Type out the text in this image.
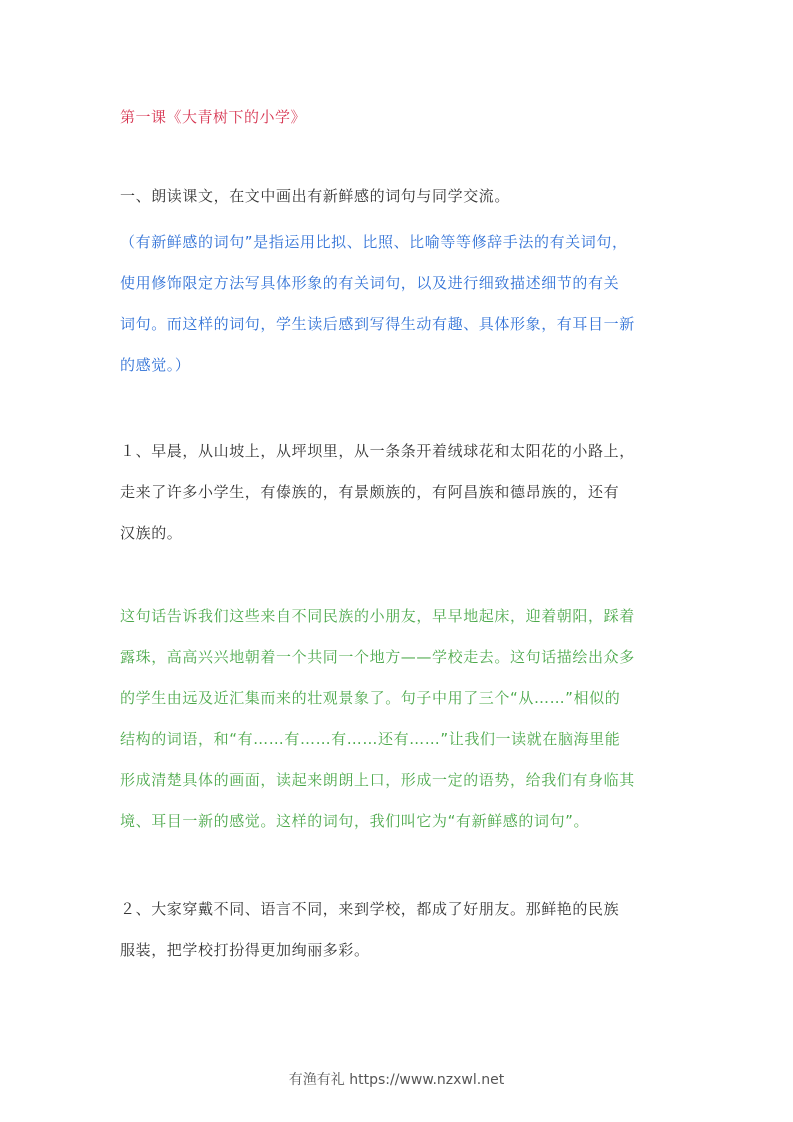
第一课《大青树下的小学》
一、朗读课文，在文中画出有新鲜感的词句与同学交流。
（有新鲜感的词句”是指运用比拟、比照、比喻等等修辞手法的有关词句，
使用修饰限定方法写具体形象的有关词句，以及进行细致描述细节的有关
词句。而这样的词句，学生读后感到写得生动有趣、具体形象，有耳目一新
的感觉。）
１、早晨，从山坡上，从坪坝里，从一条条开着绒球花和太阳花的小路上，
走来了许多小学生，有傣族的，有景颇族的，有阿昌族和德昂族的，还有
汉族的。
这句话告诉我们这些来自不同民族的小朋友，早早地起床，迎着朝阳，踩着
露珠，高高兴兴地朝着一个共同一个地方——学校走去。这句话描绘出众多
的学生由远及近汇集而来的壮观景象了。句子中用了三个“从……”相似的
结构的词语，和“有……有……有……还有……”让我们一读就在脑海里能
形成清楚具体的画面，读起来朗朗上口，形成一定的语势，给我们有身临其
境、耳目一新的感觉。这样的词句，我们叫它为“有新鲜感的词句”。
２、大家穿戴不同、语言不同，来到学校，都成了好朋友。那鲜艳的民族
服装，把学校打扮得更加绚丽多彩。
有渔有礼 https://www.nzxwl.net
